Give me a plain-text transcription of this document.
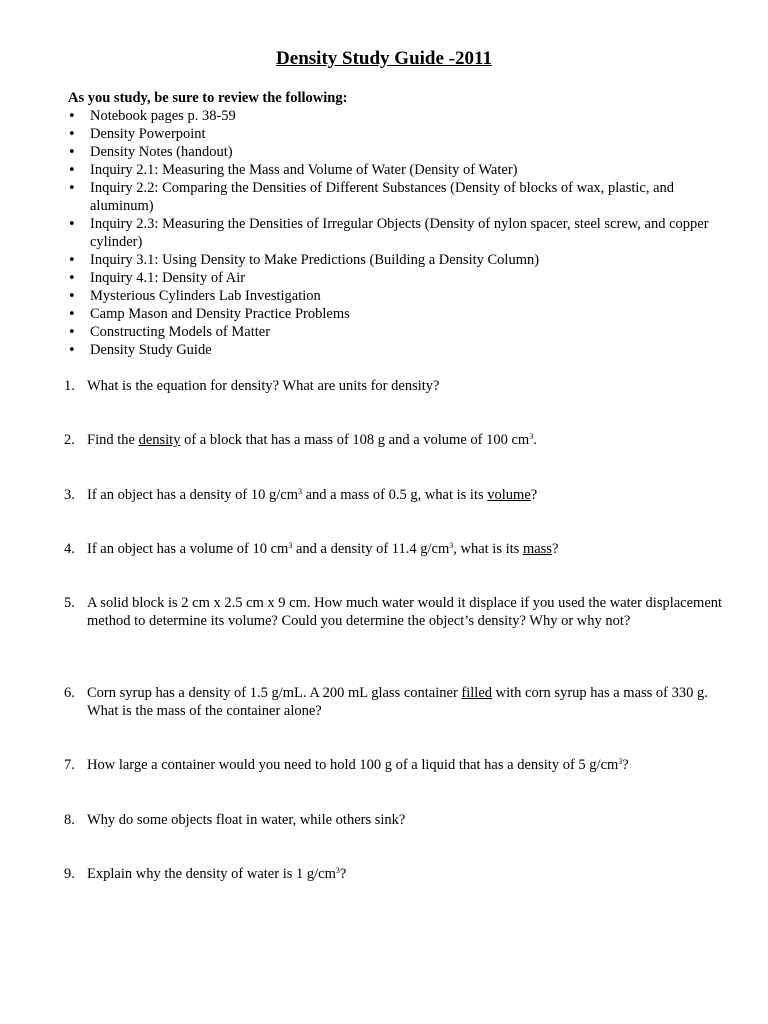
Density Study Guide -2011
As you study, be sure to review the following:
•
Notebook pages p. 38-59
•
Density Powerpoint
•
Density Notes (handout)
•
Inquiry 2.1: Measuring the Mass and Volume of Water (Density of Water)
•
Inquiry 2.2: Comparing the Densities of Different Substances (Density of blocks of wax, plastic, and aluminum)
•
Inquiry 2.3: Measuring the Densities of Irregular Objects (Density of nylon spacer, steel screw, and copper cylinder)
•
Inquiry 3.1: Using Density to Make Predictions (Building a Density Column)
•
Inquiry 4.1: Density of Air
•
Mysterious Cylinders Lab Investigation
•
Camp Mason and Density Practice Problems
•
Constructing Models of Matter
•
Density Study Guide
1. What is the equation for density? What are units for density?
2. Find the density of a block that has a mass of 108 g and a volume of 100 $cm^3$.
3. If an object has a density of 10 $g/cm^3$ and a mass of 0.5 g, what is its volume?
4. If an object has a volume of 10 $cm^3$ and a density of 11.4 $g/cm^3$, what is its mass?
5. A solid block is 2 cm x 2.5 cm x 9 cm. How much water would it displace if you used the water displacement method to determine its volume? Could you determine the object’s density? Why or why not?
6. Corn syrup has a density of 1.5 g/mL. A 200 mL glass container filled with corn syrup has a mass of 330 g. What is the mass of the container alone?
7. How large a container would you need to hold 100 g of a liquid that has a density of 5 $g/cm^3$?
8. Why do some objects float in water, while others sink?
9. Explain why the density of water is 1 $g/cm^3$?
